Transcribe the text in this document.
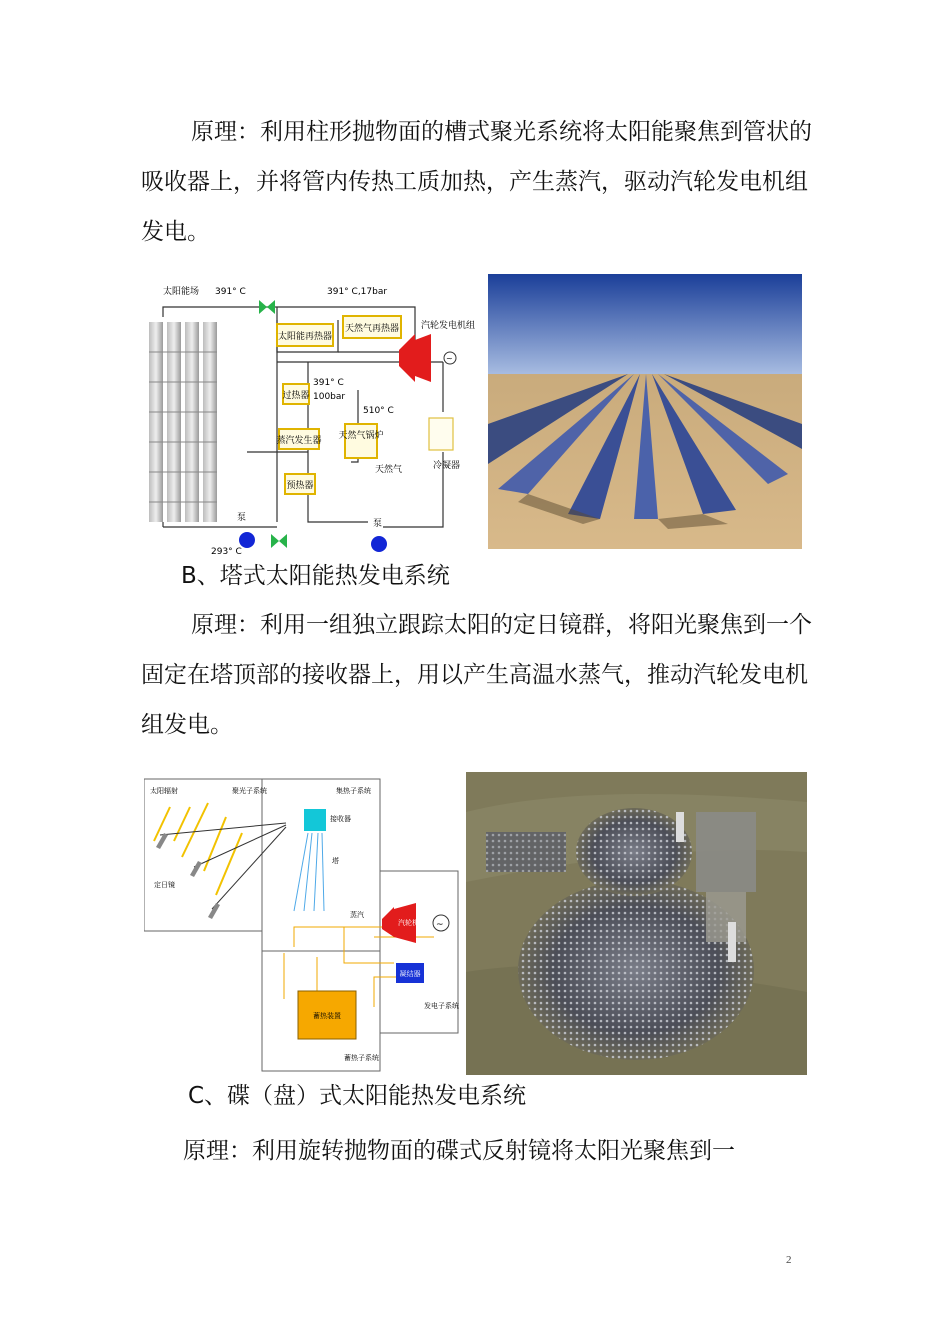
原理：利用柱形抛物面的槽式聚光系统将太阳能聚焦到管状的吸收器上，并将管内传热工质加热，产生蒸汽，驱动汽轮发电机组发电。

太阳能场 391° C	391° C,17bar
太阳能再热器
天然气再热器 汽轮发电机组
~
过热器
391° C
100bar
510° C
天然气锅炉
蒸汽发生器
天然气	冷凝器
预热器
泵
泵
293° C

B、塔式太阳能热发电系统

原理：利用一组独立跟踪太阳的定日镜群，将阳光聚焦到一个固定在塔顶部的接收器上，用以产生高温水蒸气，推动汽轮发电机组发电。

太阳辐射	聚光子系统	集热子系统
定日镜
接收器
塔
蒸汽
汽轮机 ~
凝结器
发电子系统
蓄热装置
蓄热子系统

C、碟（盘）式太阳能热发电系统

原理：利用旋转抛物面的碟式反射镜将太阳光聚焦到一

2
